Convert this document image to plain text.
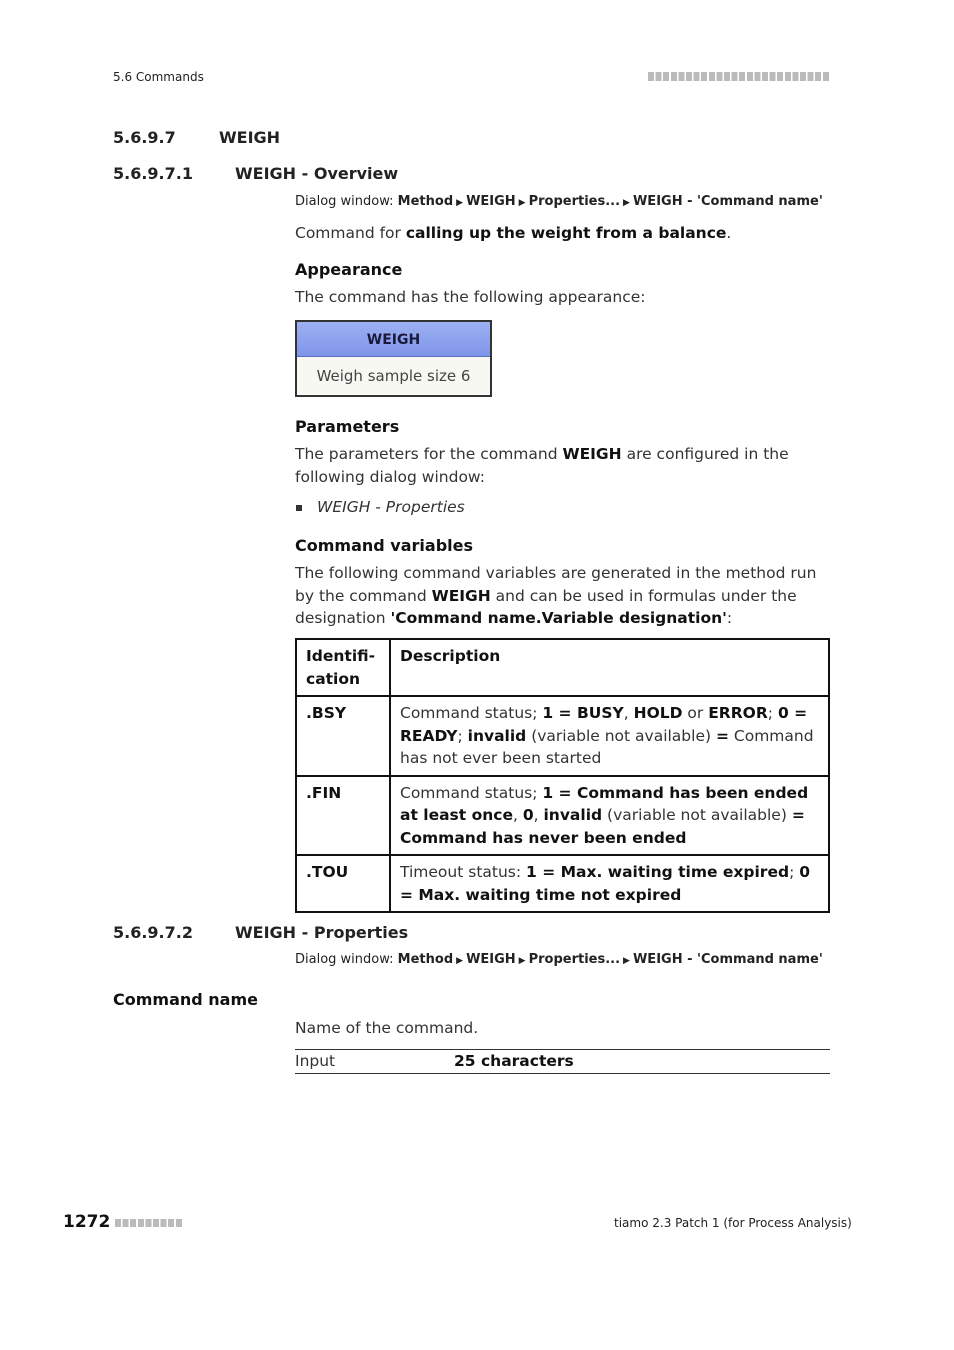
5.6 Commands
5.6.9.7	WEIGH
5.6.9.7.1	WEIGH - Overview
Dialog window: Method ▶ WEIGH ▶ Properties... ▶ WEIGH - 'Command name'
Command for calling up the weight from a balance.
Appearance
The command has the following appearance:
WEIGH
Weigh sample size 6
Parameters
The parameters for the command WEIGH are configured in the following dialog window:
WEIGH - Properties
Command variables
The following command variables are generated in the method run by the command WEIGH and can be used in formulas under the designation 'Command name.Variable designation':
Identifi-
cation	Description
.BSY	Command status; 1 = BUSY, HOLD or ERROR; 0 = READY; invalid (variable not available) = Command has not ever been started
.FIN	Command status; 1 = Command has been ended at least once, 0, invalid (variable not available) = Command has never been ended
.TOU	Timeout status: 1 = Max. waiting time expired; 0 = Max. waiting time not expired
5.6.9.7.2	WEIGH - Properties
Dialog window: Method ▶ WEIGH ▶ Properties... ▶ WEIGH - 'Command name'
Command name
Name of the command.
Input	25 characters
1272	tiamo 2.3 Patch 1 (for Process Analysis)
